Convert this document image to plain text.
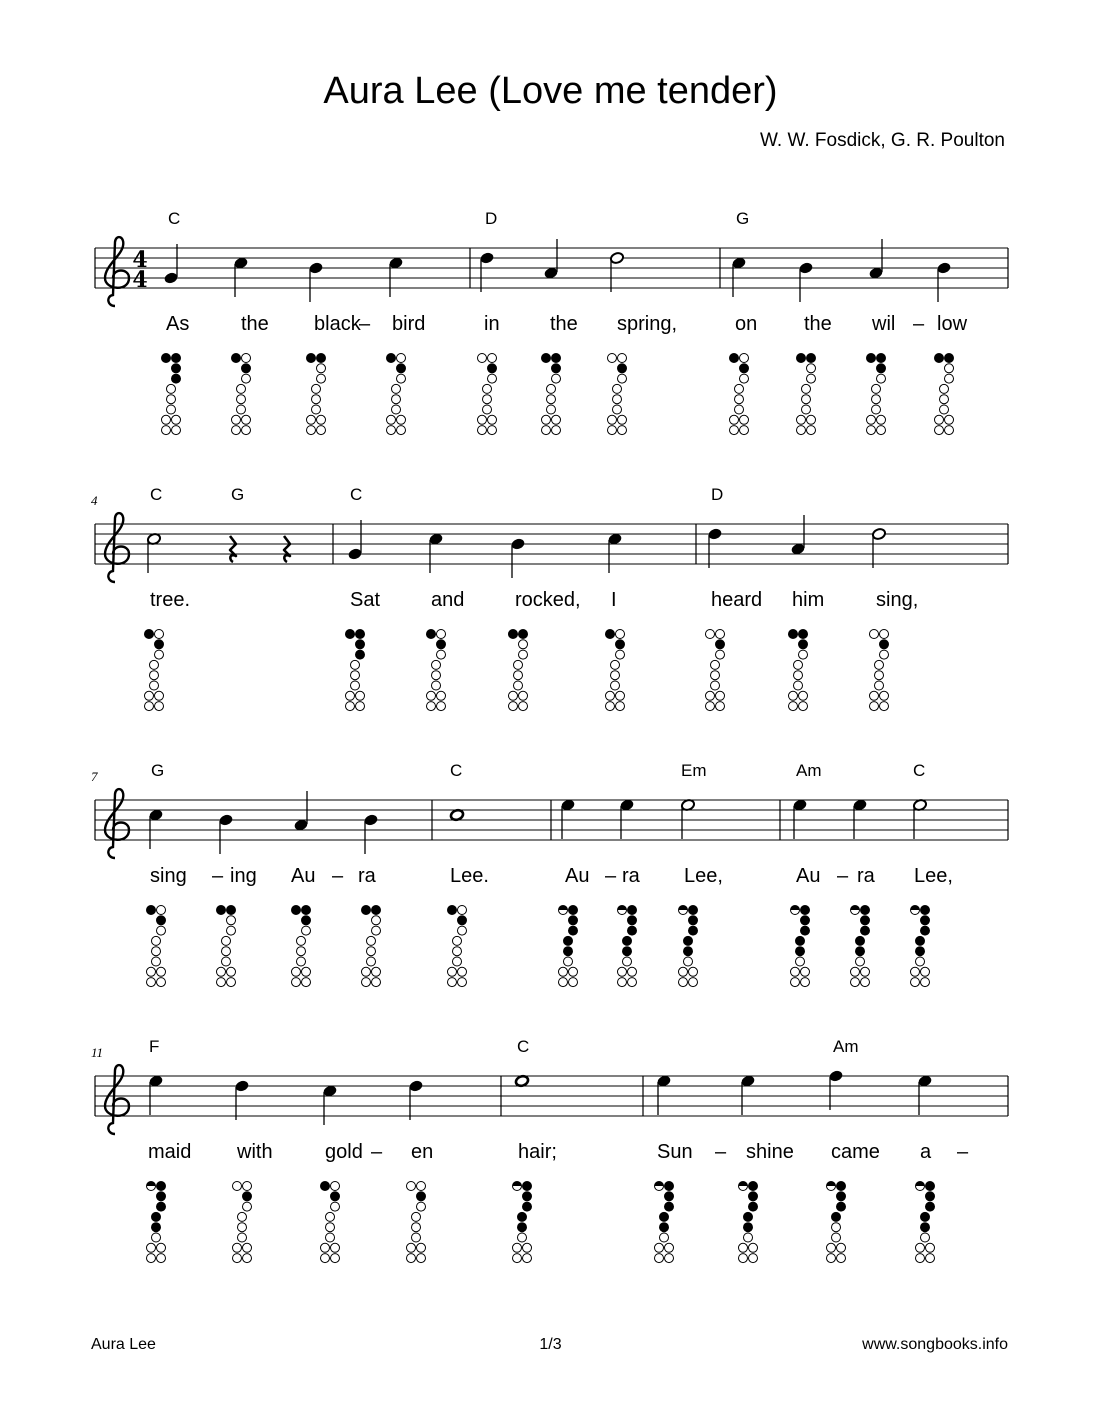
Aura Lee (Love me tender)
W. W. Fosdick, G. R. Poulton
4
4
C	D	G
As	the black
– bird	in	the spring,	on the wil – low
4	C	G	C	D
tree.	Sat	and	rocked, I	heard him	sing,
7	G	C	Em	Am	C
sing – ing Au – ra	Lee.	Au – ra Lee,	Au – ra Lee,
11	F	C	Am
maid with	gold – en	hair;	Sun – shine came a –
Aura Lee	1/3	www.songbooks.info
